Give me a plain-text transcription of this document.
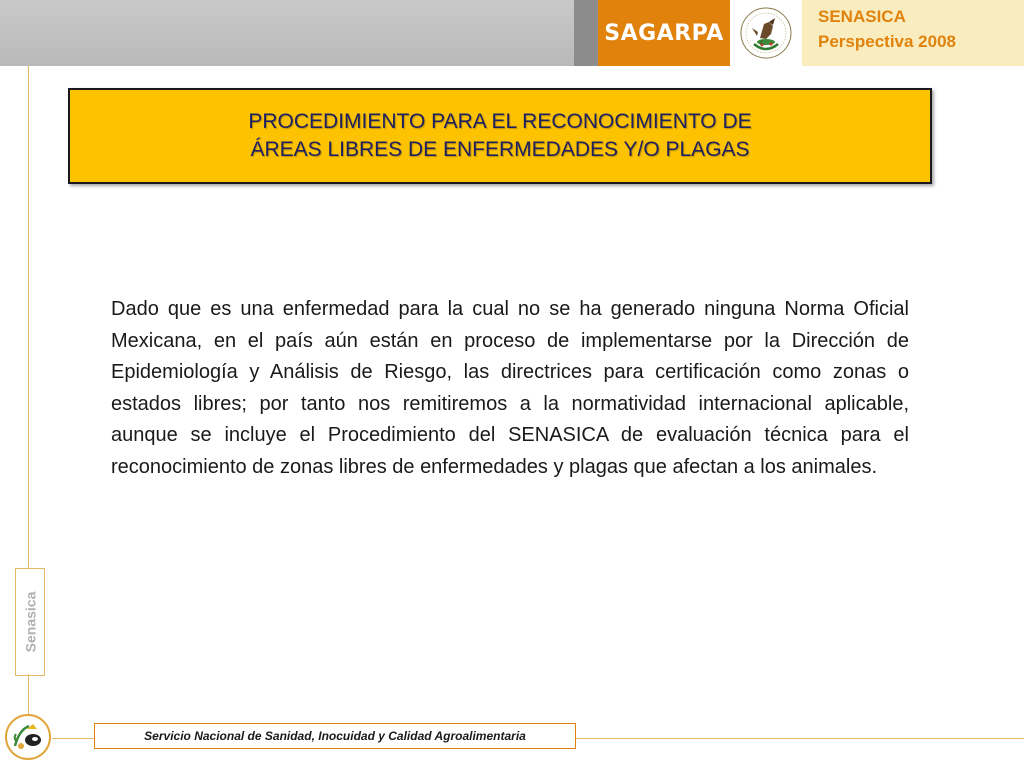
SAGARPA
SENASICA
Perspectiva 2008
Senasica
PROCEDIMIENTO PARA EL RECONOCIMIENTO DE
ÁREAS LIBRES DE ENFERMEDADES Y/O PLAGAS

Dado que es una enfermedad para la cual no se ha generado ninguna Norma Oficial Mexicana, en el país aún están en proceso de implementarse por la Dirección de Epidemiología y Análisis de Riesgo, las directrices para certificación como zonas o estados libres; por tanto nos remitiremos a la normatividad internacional aplicable, aunque se incluye el Procedimiento del SENASICA de evaluación técnica para el reconocimiento de zonas libres de enfermedades y plagas que afectan a los animales.

Servicio Nacional de Sanidad, Inocuidad y Calidad Agroalimentaria
